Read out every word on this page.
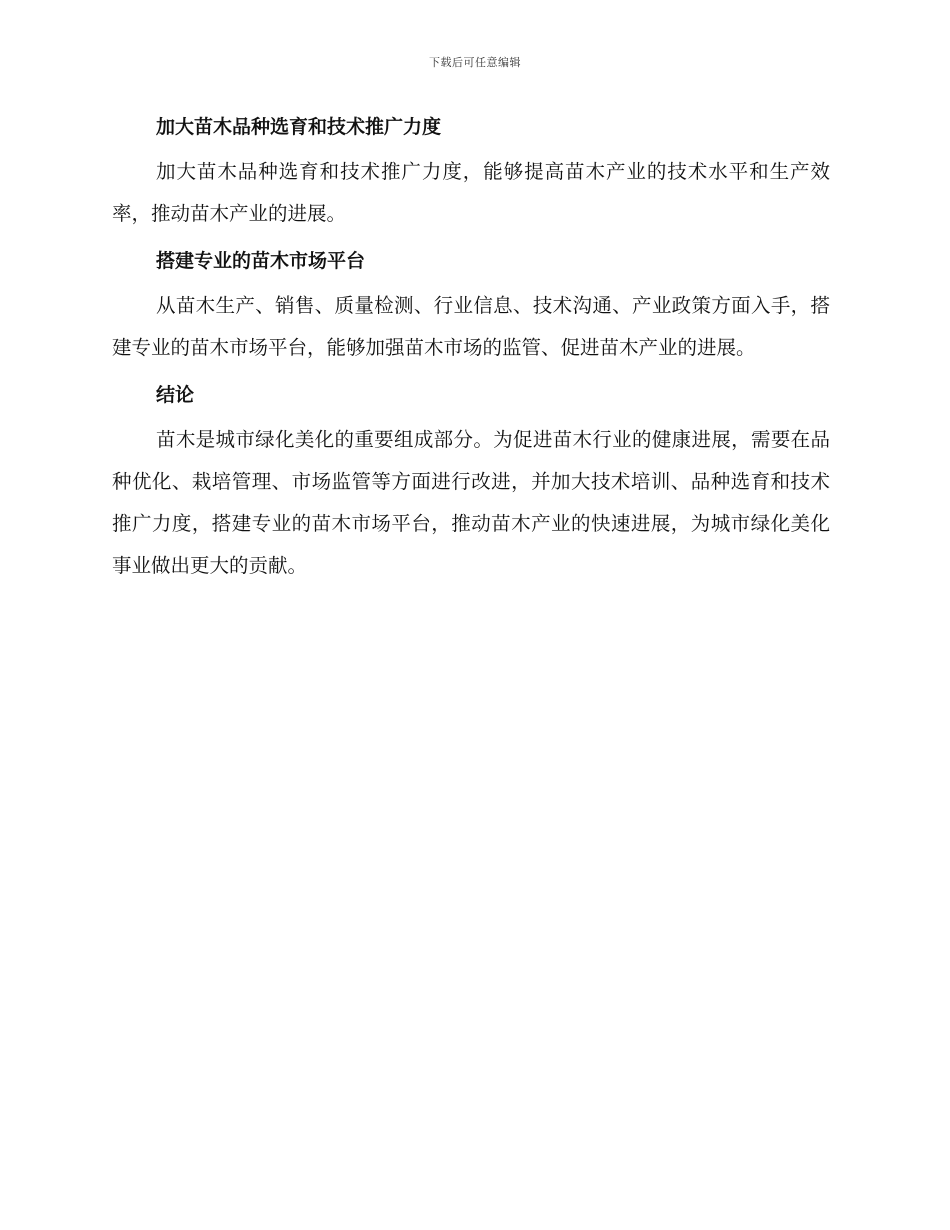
下载后可任意编辑
加大苗木品种选育和技术推广力度

加大苗木品种选育和技术推广力度，能够提高苗木产业的技术水平和生产效率，推动苗木产业的进展。

搭建专业的苗木市场平台

从苗木生产、销售、质量检测、行业信息、技术沟通、产业政策方面入手，搭建专业的苗木市场平台，能够加强苗木市场的监管、促进苗木产业的进展。

结论

苗木是城市绿化美化的重要组成部分。为促进苗木行业的健康进展，需要在品种优化、栽培管理、市场监管等方面进行改进，并加大技术培训、品种选育和技术推广力度，搭建专业的苗木市场平台，推动苗木产业的快速进展，为城市绿化美化事业做出更大的贡献。
